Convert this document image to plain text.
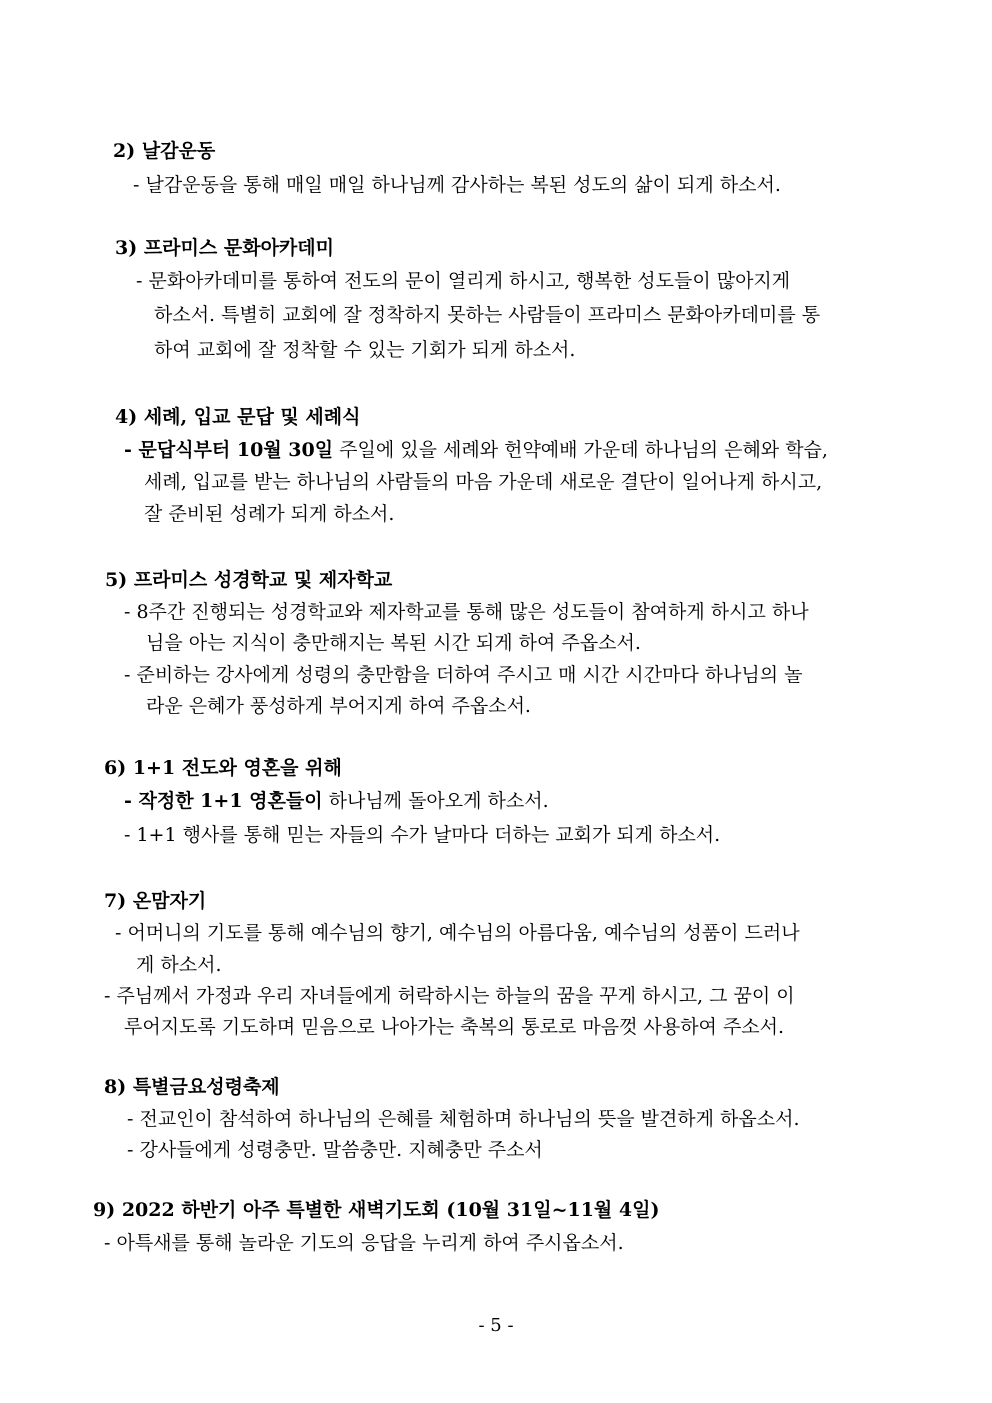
2) 날감운동
- 날감운동을 통해 매일 매일 하나님께 감사하는 복된 성도의 삶이 되게 하소서.
3) 프라미스 문화아카데미
- 문화아카데미를 통하여 전도의 문이 열리게 하시고, 행복한 성도들이 많아지게
하소서. 특별히 교회에 잘 정착하지 못하는 사람들이 프라미스 문화아카데미를 통
하여 교회에 잘 정착할 수 있는 기회가 되게 하소서.
4) 세례, 입교 문답 및 세례식
- 문답식부터 10월 30일 주일에 있을 세례와 헌약예배 가운데 하나님의 은혜와 학습,
세례, 입교를 받는 하나님의 사람들의 마음 가운데 새로운 결단이 일어나게 하시고,
잘 준비된 성례가 되게 하소서.
5) 프라미스 성경학교 및 제자학교
- 8주간 진행되는 성경학교와 제자학교를 통해 많은 성도들이 참여하게 하시고 하나
님을 아는 지식이 충만해지는 복된 시간 되게 하여 주옵소서.
- 준비하는 강사에게 성령의 충만함을 더하여 주시고 매 시간 시간마다 하나님의 놀
라운 은혜가 풍성하게 부어지게 하여 주옵소서.
6) 1+1 전도와 영혼을 위해
- 작정한 1+1 영혼들이 하나님께 돌아오게 하소서.
- 1+1 행사를 통해 믿는 자들의 수가 날마다 더하는 교회가 되게 하소서.
7) 온맘자기
- 어머니의 기도를 통해 예수님의 향기, 예수님의 아름다움, 예수님의 성품이 드러나
게 하소서.
- 주님께서 가정과 우리 자녀들에게 허락하시는 하늘의 꿈을 꾸게 하시고, 그 꿈이 이
루어지도록 기도하며 믿음으로 나아가는 축복의 통로로 마음껏 사용하여 주소서.
8) 특별금요성령축제
- 전교인이 참석하여 하나님의 은혜를 체험하며 하나님의 뜻을 발견하게 하옵소서.
- 강사들에게 성령충만. 말씀충만. 지혜충만 주소서
9) 2022 하반기 아주 특별한 새벽기도회 (10월 31일~11월 4일)
- 아특새를 통해 놀라운 기도의 응답을 누리게 하여 주시옵소서.
- 5 -
